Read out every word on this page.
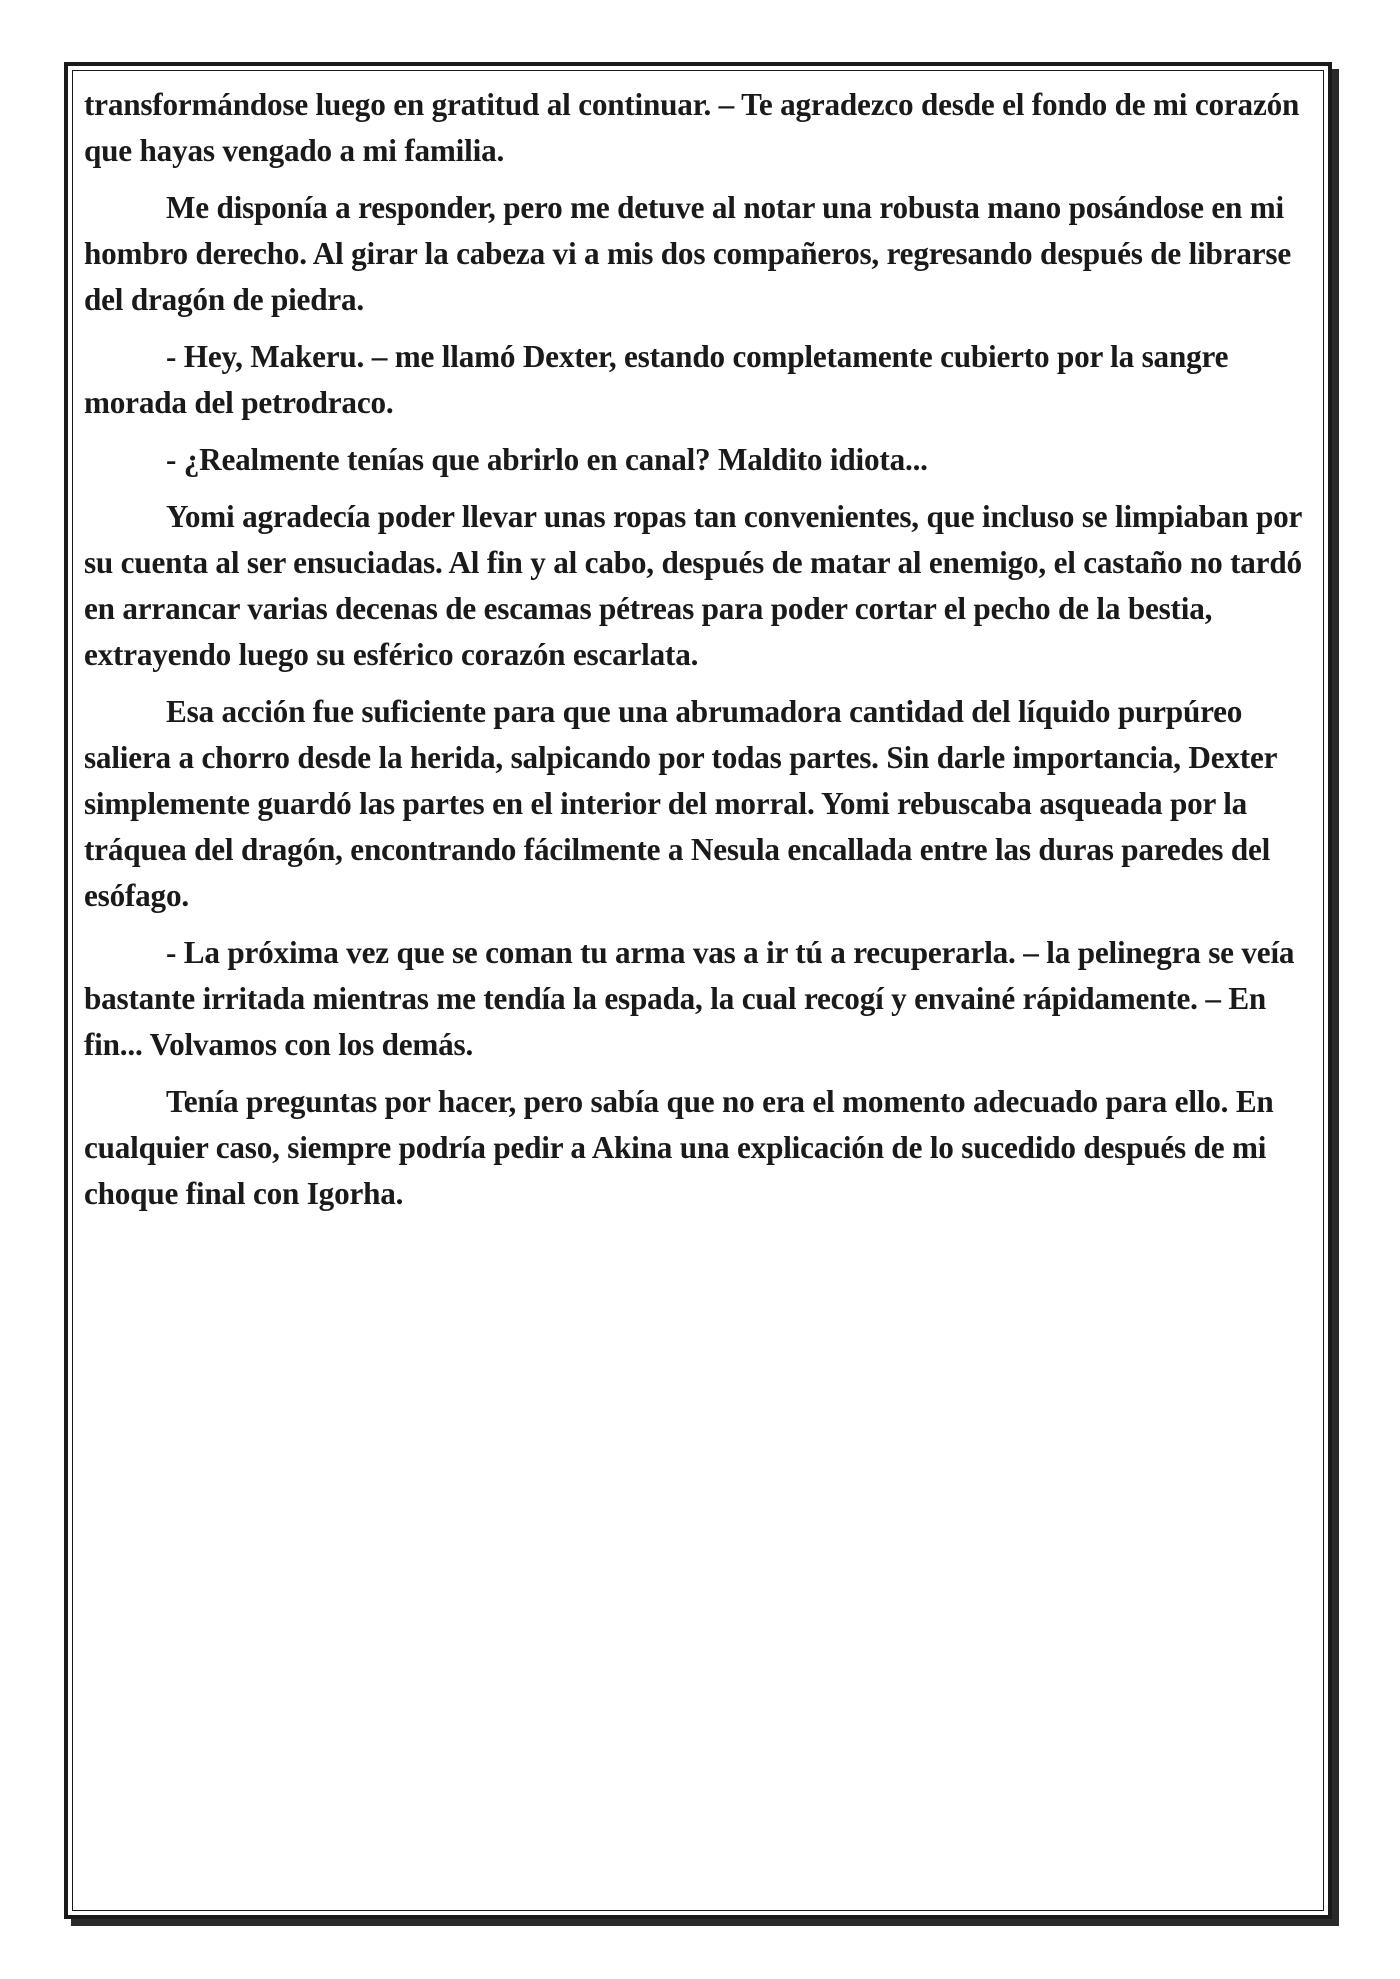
transformándose luego en gratitud al continuar. – Te agradezco desde el fondo de mi corazón que hayas vengado a mi familia.

Me disponía a responder, pero me detuve al notar una robusta mano posándose en mi hombro derecho. Al girar la cabeza vi a mis dos compañeros, regresando después de librarse del dragón de piedra.

- Hey, Makeru. – me llamó Dexter, estando completamente cubierto por la sangre morada del petrodraco.

- ¿Realmente tenías que abrirlo en canal? Maldito idiota...

Yomi agradecía poder llevar unas ropas tan convenientes, que incluso se limpiaban por su cuenta al ser ensuciadas. Al fin y al cabo, después de matar al enemigo, el castaño no tardó en arrancar varias decenas de escamas pétreas para poder cortar el pecho de la bestia, extrayendo luego su esférico corazón escarlata.

Esa acción fue suficiente para que una abrumadora cantidad del líquido purpúreo saliera a chorro desde la herida, salpicando por todas partes. Sin darle importancia, Dexter simplemente guardó las partes en el interior del morral. Yomi rebuscaba asqueada por la tráquea del dragón, encontrando fácilmente a Nesula encallada entre las duras paredes del esófago.

- La próxima vez que se coman tu arma vas a ir tú a recuperarla. – la pelinegra se veía bastante irritada mientras me tendía la espada, la cual recogí y envainé rápidamente. – En fin... Volvamos con los demás.

Tenía preguntas por hacer, pero sabía que no era el momento adecuado para ello. En cualquier caso, siempre podría pedir a Akina una explicación de lo sucedido después de mi choque final con Igorha.
